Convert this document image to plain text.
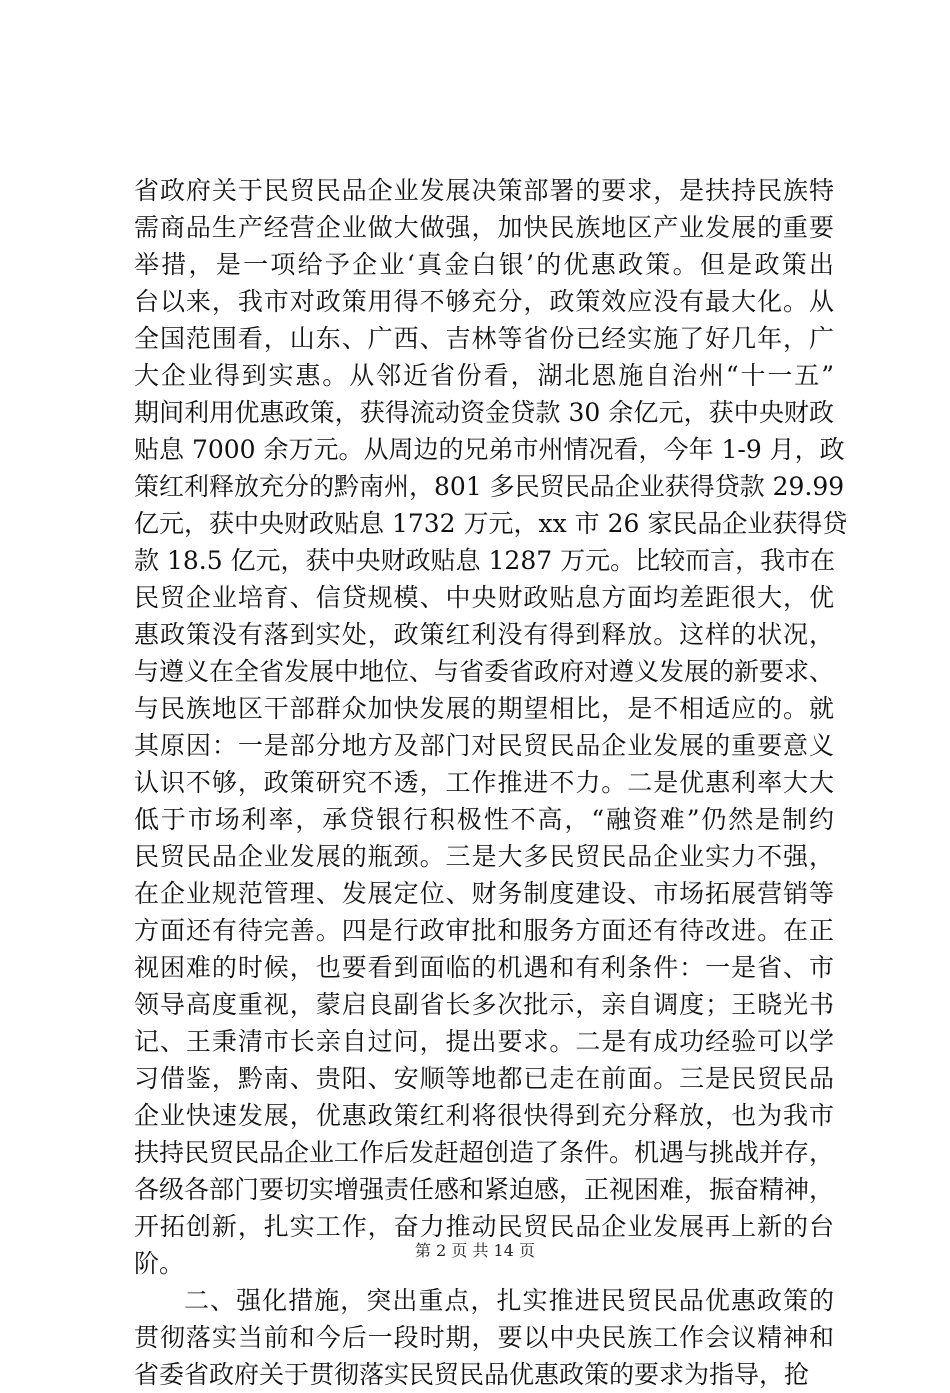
省政府关于民贸民品企业发展决策部署的要求，是扶持民族特
需商品生产经营企业做大做强，加快民族地区产业发展的重要
举措，是一项给予企业‘真金白银’的优惠政策。但是政策出
台以来，我市对政策用得不够充分，政策效应没有最大化。从
全国范围看，山东、广西、吉林等省份已经实施了好几年，广
大企业得到实惠。从邻近省份看，湖北恩施自治州“十一五”
期间利用优惠政策，获得流动资金贷款 30 余亿元，获中央财政
贴息 7000 余万元。从周边的兄弟市州情况看，今年 1-9 月，政
策红利释放充分的黔南州，801 多民贸民品企业获得贷款 29.99
亿元，获中央财政贴息 1732 万元，xx 市 26 家民品企业获得贷
款 18.5 亿元，获中央财政贴息 1287 万元。比较而言，我市在
民贸企业培育、信贷规模、中央财政贴息方面均差距很大，优
惠政策没有落到实处，政策红利没有得到释放。这样的状况，
与遵义在全省发展中地位、与省委省政府对遵义发展的新要求、
与民族地区干部群众加快发展的期望相比，是不相适应的。就
其原因：一是部分地方及部门对民贸民品企业发展的重要意义
认识不够，政策研究不透，工作推进不力。二是优惠利率大大
低于市场利率，承贷银行积极性不高，“融资难”仍然是制约
民贸民品企业发展的瓶颈。三是大多民贸民品企业实力不强，
在企业规范管理、发展定位、财务制度建设、市场拓展营销等
方面还有待完善。四是行政审批和服务方面还有待改进。在正
视困难的时候，也要看到面临的机遇和有利条件：一是省、市
领导高度重视，蒙启良副省长多次批示，亲自调度；王晓光书
记、王秉清市长亲自过问，提出要求。二是有成功经验可以学
习借鉴，黔南、贵阳、安顺等地都已走在前面。三是民贸民品
企业快速发展，优惠政策红利将很快得到充分释放，也为我市
扶持民贸民品企业工作后发赶超创造了条件。机遇与挑战并存，
各级各部门要切实增强责任感和紧迫感，正视困难，振奋精神，
开拓创新，扎实工作，奋力推动民贸民品企业发展再上新的台
阶。
二、强化措施，突出重点，扎实推进民贸民品优惠政策的
贯彻落实当前和今后一段时期，要以中央民族工作会议精神和
省委省政府关于贯彻落实民贸民品优惠政策的要求为指导，抢
第 2 页 共 14 页
